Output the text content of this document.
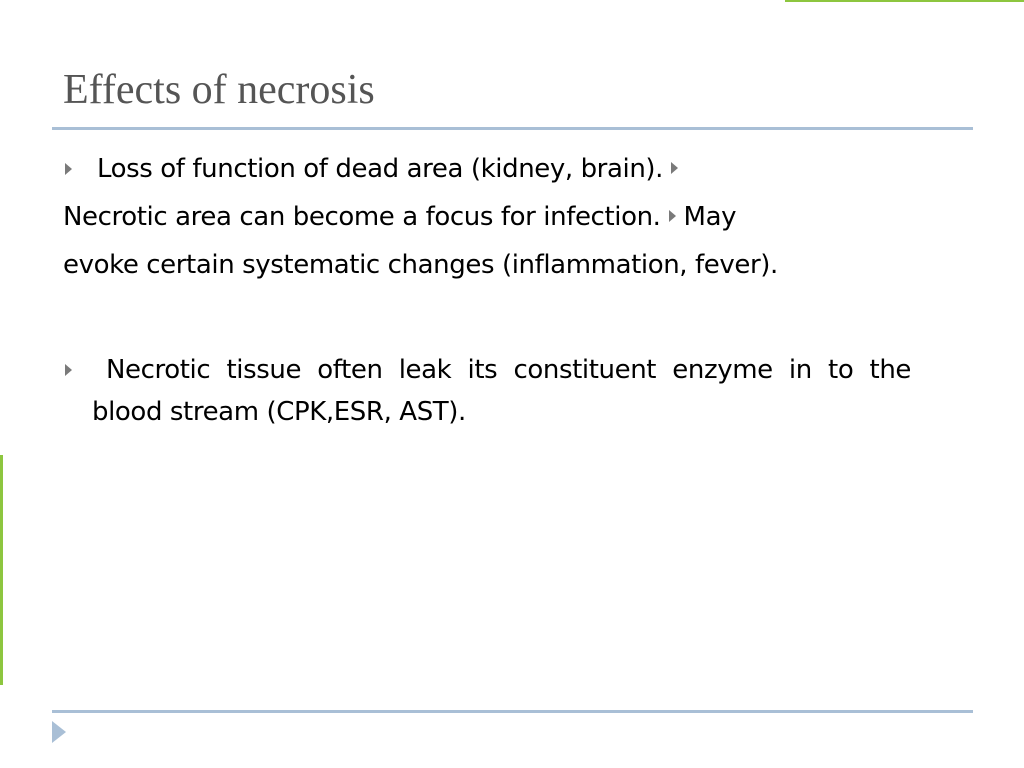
Effects of necrosis

Loss of function of dead area (kidney, brain).
Necrotic area can become a focus for infection. May
evoke certain systematic changes (inflammation, fever).

Necrotic tissue often leak its constituent enzyme in to the blood stream (CPK,ESR, AST).
